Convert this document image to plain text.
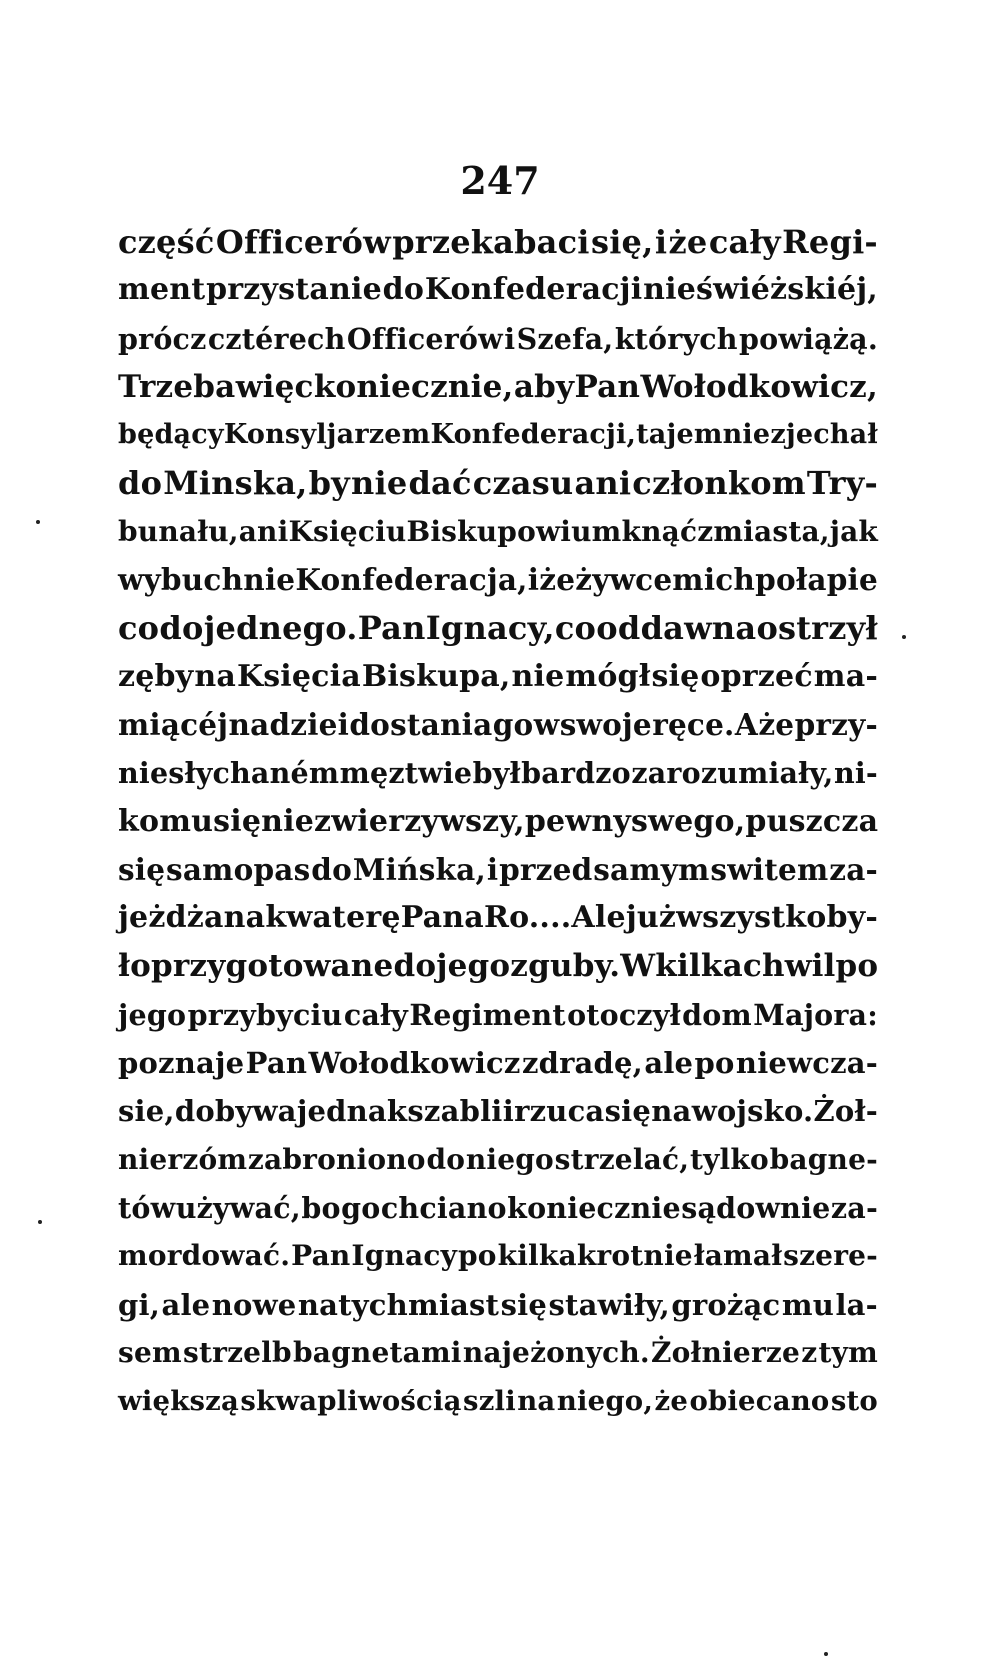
247
część Officerów przekabaci się, i że cały Regi-
ment przystanie do Konfederacji nieświéżskiéj,
prócz cztérech Officerów i Szefa, których powiążą.
Trzeba więc koniecznie, aby Pan Wołodkowicz,
będący Konsyljarzem Konfederacji, tajemnie zjechał
do Minska, by nie dać czasu ani członkom Try-
bunału, ani Księciu Biskupowi umknąć z miasta, jak
wybuchnie Konfederacja, i że żywcem ich połapie
co do jednego. Pan Ignacy, co od dawna ostrzył
zęby na Księcia Biskupa, nie mógł się oprzeć ma-
miącéj nadziei dostania go w swoje ręce. A że przy-
niesłychaném męztwie był bardzo zarozumiały, ni-
komu się nie zwierzywszy, pewny swego, puszcza
się samopas do Mińska, i przed samym switem za-
jeżdża na kwaterę Pana Ro.... Ale już wszystko by-
ło przygotowane do jego zguby. W kilka chwil po
jego przybyciu cały Regiment otoczył dom Majora:
poznaje Pan Wołodkowicz zdradę, ale po niewcza-
sie, dobywa jednak szabli i rzuca się na wojsko. Żoł-
nierzóm zabroniono do niego strzelać, tylko bagne-
tów używać, bo go chciano koniecznie sądownie za-
mordować. Pan Ignacy po kilkakrotnie łamał szere-
gi, ale nowe natychmiast się stawiły, grożąc mu la-
sem strzelb bagnetami najeżonych. Żołnierze z tym
większą skwapliwością szli na niego, że obiecano sto
